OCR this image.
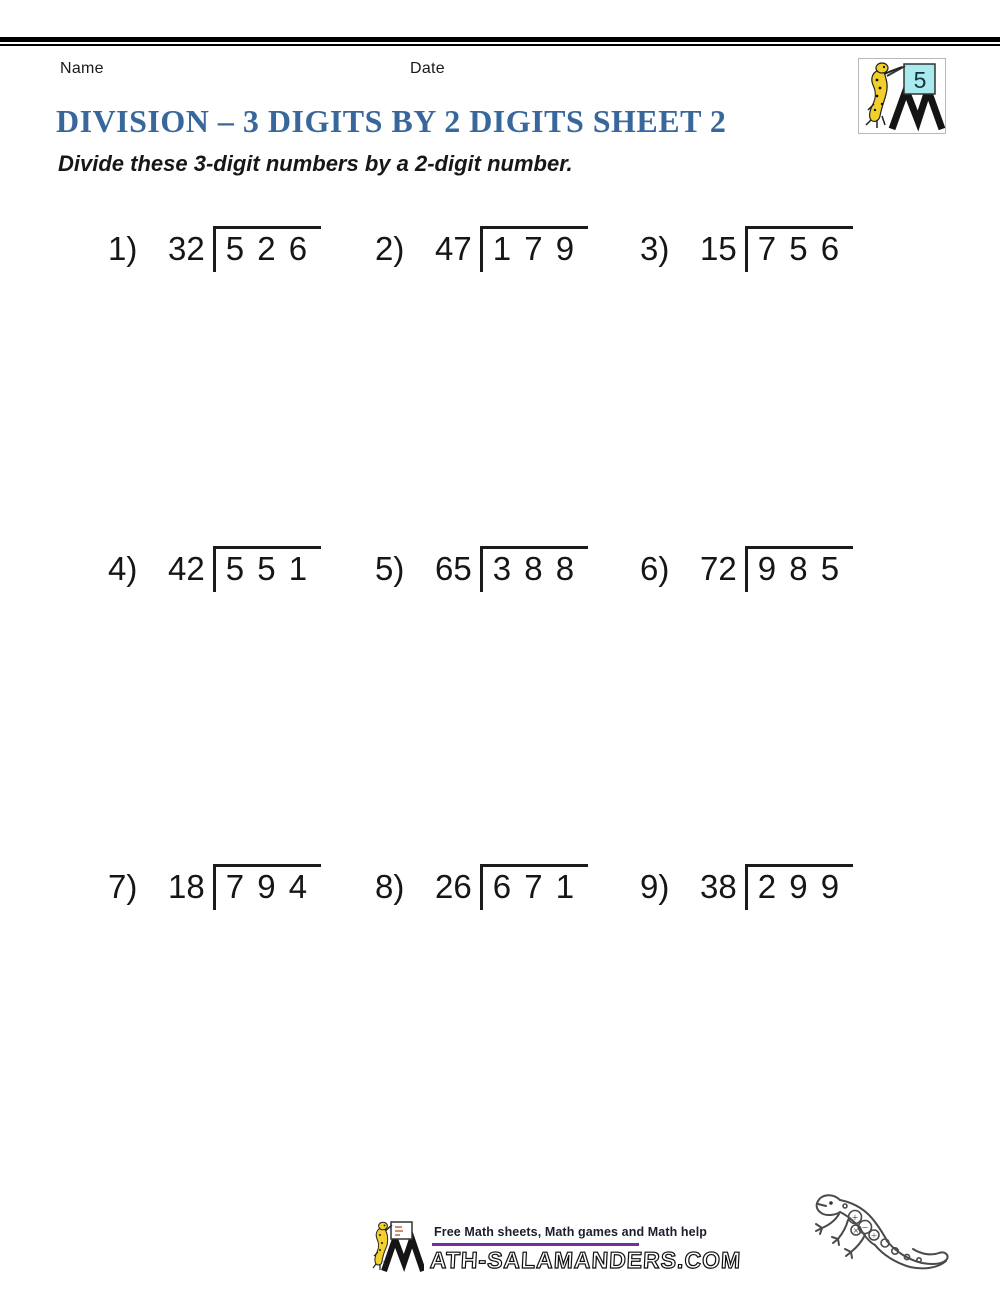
Name	Date	5
DIVISION – 3 DIGITS BY 2 DIGITS SHEET 2
Divide these 3-digit numbers by a 2-digit number.
1) 32 5 2 6	2) 47 1 7 9	3) 15 7 5 6
4) 42 5 5 1	5) 65 3 8 8	6) 72 9 8 5
7) 18 7 9 4	8) 26 6 7 1	9) 38 2 9 9
Free Math sheets, Math games and Math help
ATH-SALAMANDERS.COM
+
−
×
÷
